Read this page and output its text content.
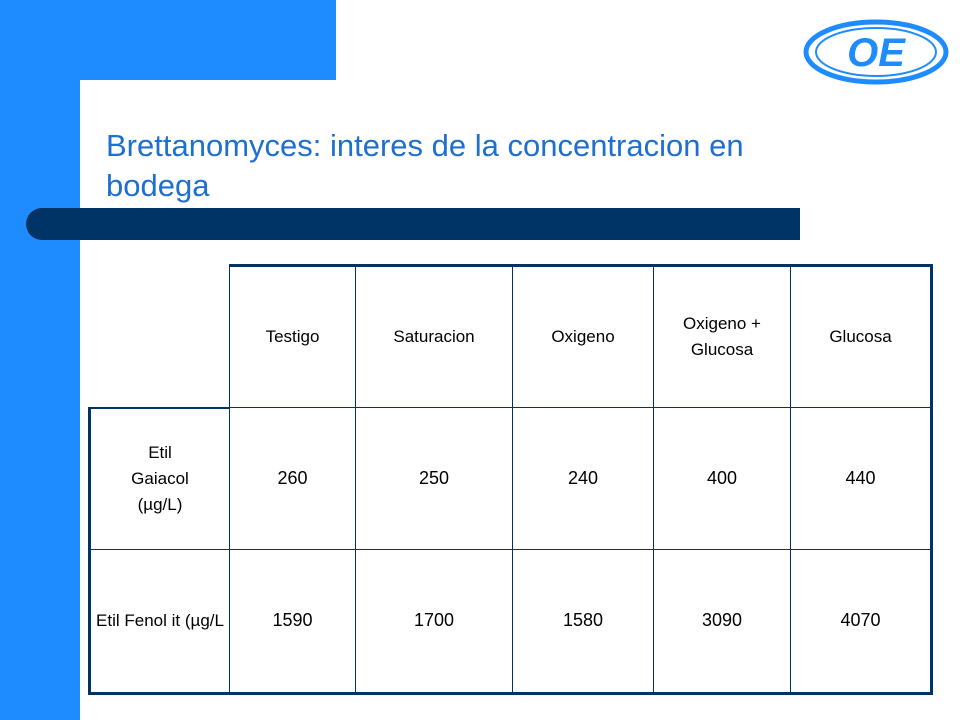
Brettanomyces: interes de la concentracion en bodega
OE
	Testigo	Saturacion	Oxigeno	Oxigeno + Glucosa	Glucosa
Etil Gaiacol (µg/L)	260	250	240	400	440
Etil Fenol it (µg/L	1590	1700	1580	3090	4070
